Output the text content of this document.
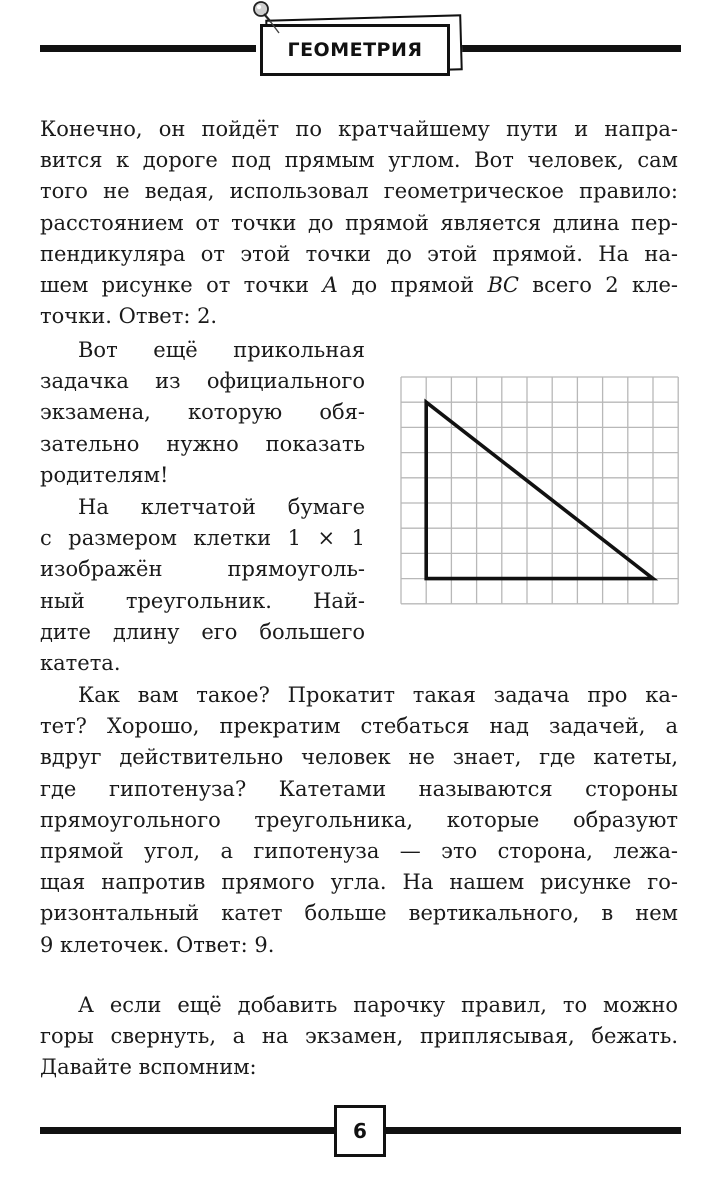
ГЕОМЕТРИЯ
Конечно, он пойдёт по кратчайшему пути и напра-
вится к дороге под прямым углом. Вот человек, сам
того не ведая, использовал геометрическое правило:
расстоянием от точки до прямой является длина пер-
пендикуляра от этой точки до этой прямой. На на-
шем рисунке от точки А до прямой ВС всего 2 кле-
точки. Ответ: 2.
Вот ещё прикольная
задачка из официального
экзамена, которую обя-
зательно нужно показать
родителям!
На клетчатой бумаге
с размером клетки 1 × 1
изображён прямоуголь-
ный треугольник. Най-
дите длину его большего
катета.
Как вам такое? Прокатит такая задача про ка-
тет? Хорошо, прекратим стебаться над задачей, а
вдруг действительно человек не знает, где катеты,
где гипотенуза? Катетами называются стороны
прямоугольного треугольника, которые образуют
прямой угол, а гипотенуза — это сторона, лежа-
щая напротив прямого угла. На нашем рисунке го-
ризонтальный катет больше вертикального, в нем
9 клеточек. Ответ: 9.
А если ещё добавить парочку правил, то можно
горы свернуть, а на экзамен, приплясывая, бежать.
Давайте вспомним:
6
